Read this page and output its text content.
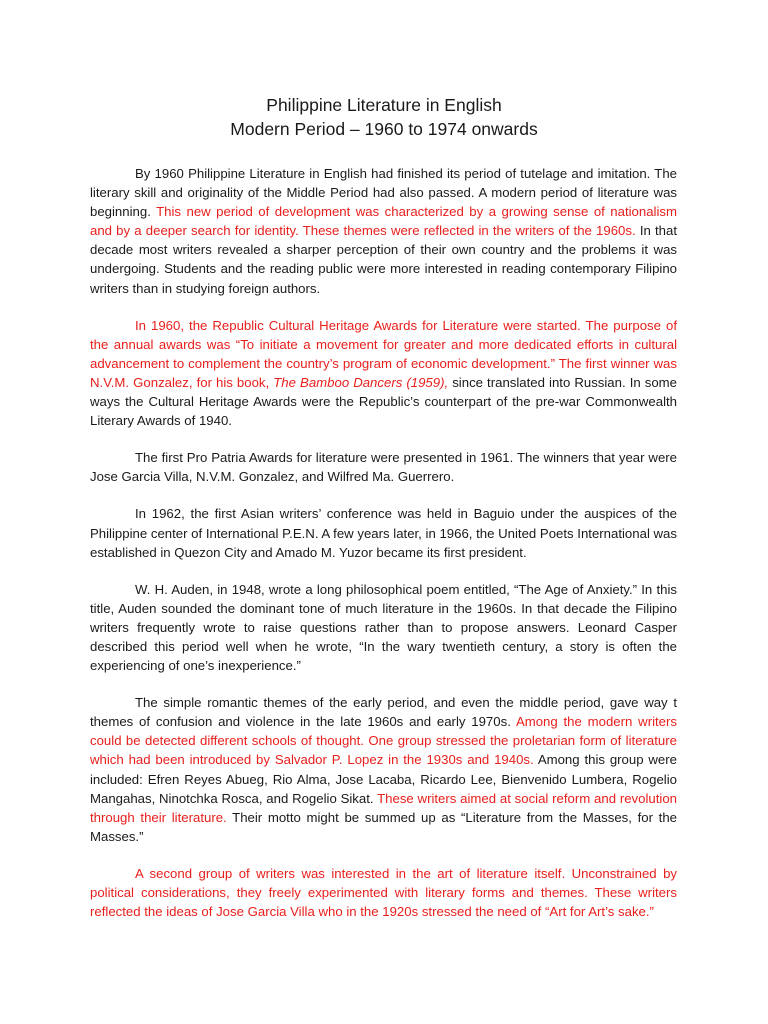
Philippine Literature in English
Modern Period – 1960 to 1974 onwards

By 1960 Philippine Literature in English had finished its period of tutelage and imitation. The literary skill and originality of the Middle Period had also passed. A modern period of literature was beginning. This new period of development was characterized by a growing sense of nationalism and by a deeper search for identity. These themes were reflected in the writers of the 1960s. In that decade most writers revealed a sharper perception of their own country and the problems it was undergoing. Students and the reading public were more interested in reading contemporary Filipino writers than in studying foreign authors.

In 1960, the Republic Cultural Heritage Awards for Literature were started. The purpose of the annual awards was “To initiate a movement for greater and more dedicated efforts in cultural advancement to complement the country’s program of economic development.” The first winner was N.V.M. Gonzalez, for his book, The Bamboo Dancers (1959), since translated into Russian. In some ways the Cultural Heritage Awards were the Republic’s counterpart of the pre-war Commonwealth Literary Awards of 1940.

The first Pro Patria Awards for literature were presented in 1961. The winners that year were Jose Garcia Villa, N.V.M. Gonzalez, and Wilfred Ma. Guerrero.

In 1962, the first Asian writers’ conference was held in Baguio under the auspices of the Philippine center of International P.E.N. A few years later, in 1966, the United Poets International was established in Quezon City and Amado M. Yuzor became its first president.

W. H. Auden, in 1948, wrote a long philosophical poem entitled, “The Age of Anxiety.” In this title, Auden sounded the dominant tone of much literature in the 1960s. In that decade the Filipino writers frequently wrote to raise questions rather than to propose answers. Leonard Casper described this period well when he wrote, “In the wary twentieth century, a story is often the experiencing of one’s inexperience.”

The simple romantic themes of the early period, and even the middle period, gave way t themes of confusion and violence in the late 1960s and early 1970s. Among the modern writers could be detected different schools of thought. One group stressed the proletarian form of literature which had been introduced by Salvador P. Lopez in the 1930s and 1940s. Among this group were included: Efren Reyes Abueg, Rio Alma, Jose Lacaba, Ricardo Lee, Bienvenido Lumbera, Rogelio Mangahas, Ninotchka Rosca, and Rogelio Sikat. These writers aimed at social reform and revolution through their literature. Their motto might be summed up as “Literature from the Masses, for the Masses.”

A second group of writers was interested in the art of literature itself. Unconstrained by political considerations, they freely experimented with literary forms and themes. These writers reflected the ideas of Jose Garcia Villa who in the 1920s stressed the need of “Art for Art’s sake.”
